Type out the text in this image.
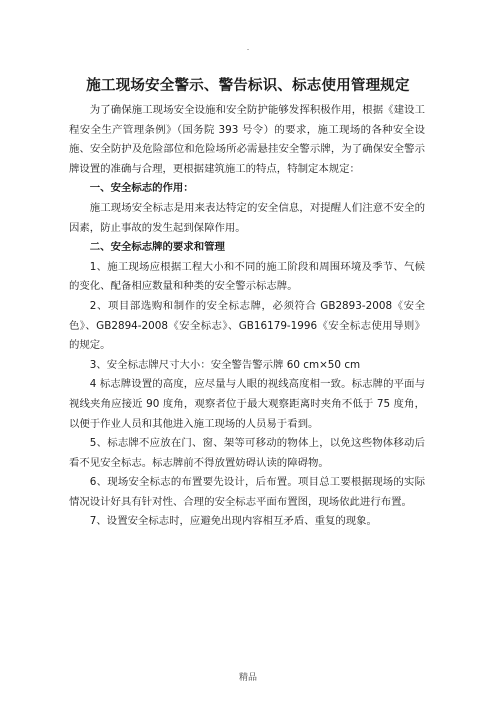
.
施工现场安全警示、警告标识、标志使用管理规定

为了确保施工现场安全设施和安全防护能够发挥积极作用，根据《建设工程安全生产管理条例》（国务院 393 号令）的要求，施工现场的各种安全设施、安全防护及危险部位和危险场所必需悬挂安全警示牌，为了确保安全警示牌设置的准确与合理，更根据建筑施工的特点，特制定本规定：

一、安全标志的作用：

施工现场安全标志是用来表达特定的安全信息，对提醒人们注意不安全的因素，防止事故的发生起到保障作用。

二、安全标志牌的要求和管理

1、施工现场应根据工程大小和不同的施工阶段和周围环境及季节、气候的变化、配备相应数量和种类的安全警示标志牌。

2、项目部选购和制作的安全标志牌，必须符合 GB2893-2008《安全色》、GB2894-2008《安全标志》、GB16179-1996《安全标志使用导则》的规定。

3、安全标志牌尺寸大小：安全警告警示牌 60 cm×50 cm

4 标志牌设置的高度，应尽量与人眼的视线高度相一致。标志牌的平面与视线夹角应接近 90 度角，观察者位于最大观察距离时夹角不低于 75 度角，以便于作业人员和其他进入施工现场的人员易于看到。

5、标志牌不应放在门、窗、架等可移动的物体上，以免这些物体移动后看不见安全标志。标志牌前不得放置妨碍认读的障碍物。

6、现场安全标志的布置要先设计，后布置。项目总工要根据现场的实际情况设计好具有针对性、合理的安全标志平面布置图，现场依此进行布置。

7、设置安全标志时，应避免出现内容相互矛盾、重复的现象。

精品
